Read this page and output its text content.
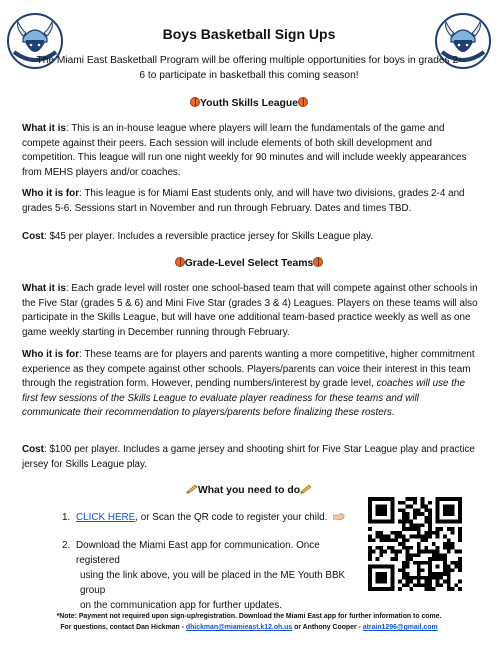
Boys Basketball Sign Ups
The Miami East Basketball Program will be offering multiple opportunities for boys in grades 2-6 to participate in basketball this coming season!
Youth Skills League
What it is: This is an in-house league where players will learn the fundamentals of the game and compete against their peers. Each session will include elements of both skill development and competition. This league will run one night weekly for 90 minutes and will include weekly appearances from MEHS players and/or coaches.
Who it is for: This league is for Miami East students only, and will have two divisions, grades 2-4 and grades 5-6. Sessions start in November and run through February. Dates and times TBD.
Cost: $45 per player. Includes a reversible practice jersey for Skills League play.
Grade-Level Select Teams
What it is: Each grade level will roster one school-based team that will compete against other schools in the Five Star (grades 5 & 6) and Mini Five Star (grades 3 & 4) Leagues. Players on these teams will also participate in the Skills League, but will have one additional team-based practice weekly as well as one game weekly starting in December running through February.
Who it is for: These teams are for players and parents wanting a more competitive, higher commitment experience as they compete against other schools. Players/parents can voice their interest in this team through the registration form. However, pending numbers/interest by grade level, coaches will use the first few sessions of the Skills League to evaluate player readiness for these teams and will communicate their recommendation to players/parents before finalizing these rosters.
Cost: $100 per player. Includes a game jersey and shooting shirt for Five Star League play and practice jersey for Skills League play.
What you need to do
1. CLICK HERE, or Scan the QR code to register your child.
2. Download the Miami East app for communication. Once registered
using the link above, you will be placed in the ME Youth BBK group
on the communication app for further updates.
*Note: Payment not required upon sign-up/registration. Download the Miami East app for further information to come.
For questions, contact Dan Hickman - dhickman@miamieast.k12.oh.us or Anthony Cooper - atrain1296@gmail.com
